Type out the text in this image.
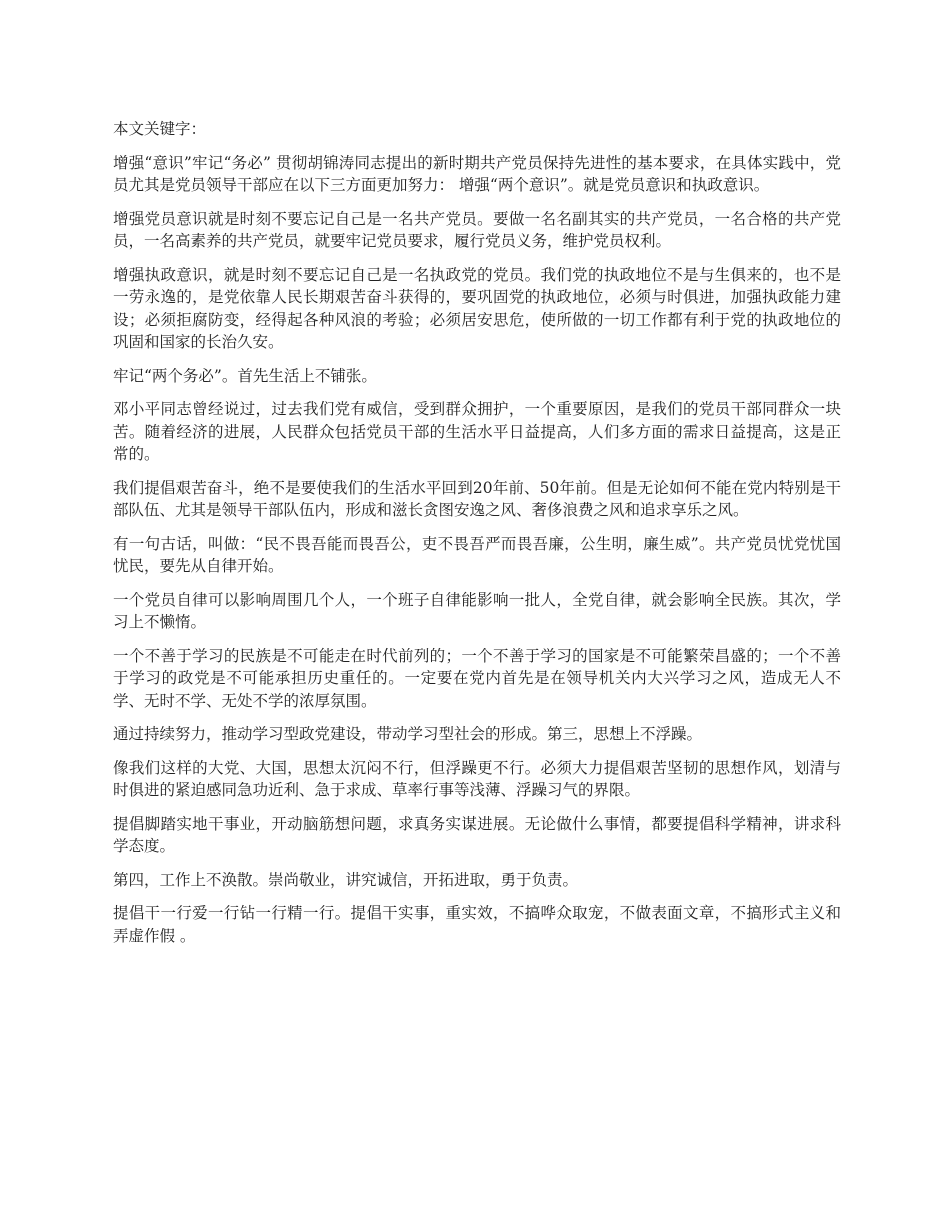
本文关键字：

增强“意识”牢记“务必” 贯彻胡锦涛同志提出的新时期共产党员保持先进性的基本要求，在具体实践中，党员尤其是党员领导干部应在以下三方面更加努力： 增强“两个意识”。就是党员意识和执政意识。

增强党员意识就是时刻不要忘记自己是一名共产党员。要做一名名副其实的共产党员，一名合格的共产党员，一名高素养的共产党员，就要牢记党员要求，履行党员义务，维护党员权利。

增强执政意识，就是时刻不要忘记自己是一名执政党的党员。我们党的执政地位不是与生俱来的，也不是一劳永逸的，是党依靠人民长期艰苦奋斗获得的，要巩固党的执政地位，必须与时俱进，加强执政能力建设；必须拒腐防变，经得起各种风浪的考验；必须居安思危，使所做的一切工作都有利于党的执政地位的巩固和国家的长治久安。

牢记“两个务必”。首先生活上不铺张。

邓小平同志曾经说过，过去我们党有威信，受到群众拥护，一个重要原因，是我们的党员干部同群众一块苦。随着经济的进展，人民群众包括党员干部的生活水平日益提高，人们多方面的需求日益提高，这是正常的。

我们提倡艰苦奋斗，绝不是要使我们的生活水平回到20年前、50年前。但是无论如何不能在党内特别是干部队伍、尤其是领导干部队伍内，形成和滋长贪图安逸之风、奢侈浪费之风和追求享乐之风。

有一句古话，叫做：“民不畏吾能而畏吾公，吏不畏吾严而畏吾廉，公生明，廉生威”。共产党员忧党忧国忧民，要先从自律开始。

一个党员自律可以影响周围几个人，一个班子自律能影响一批人，全党自律，就会影响全民族。其次，学习上不懒惰。

一个不善于学习的民族是不可能走在时代前列的；一个不善于学习的国家是不可能繁荣昌盛的；一个不善于学习的政党是不可能承担历史重任的。一定要在党内首先是在领导机关内大兴学习之风，造成无人不学、无时不学、无处不学的浓厚氛围。

通过持续努力，推动学习型政党建设，带动学习型社会的形成。第三，思想上不浮躁。

像我们这样的大党、大国，思想太沉闷不行，但浮躁更不行。必须大力提倡艰苦坚韧的思想作风，划清与时俱进的紧迫感同急功近利、急于求成、草率行事等浅薄、浮躁习气的界限。

提倡脚踏实地干事业，开动脑筋想问题，求真务实谋进展。无论做什么事情，都要提倡科学精神，讲求科学态度。

第四，工作上不涣散。崇尚敬业，讲究诚信，开拓进取，勇于负责。

提倡干一行爱一行钻一行精一行。提倡干实事，重实效，不搞哗众取宠，不做表面文章，不搞形式主义和弄虚作假 。
